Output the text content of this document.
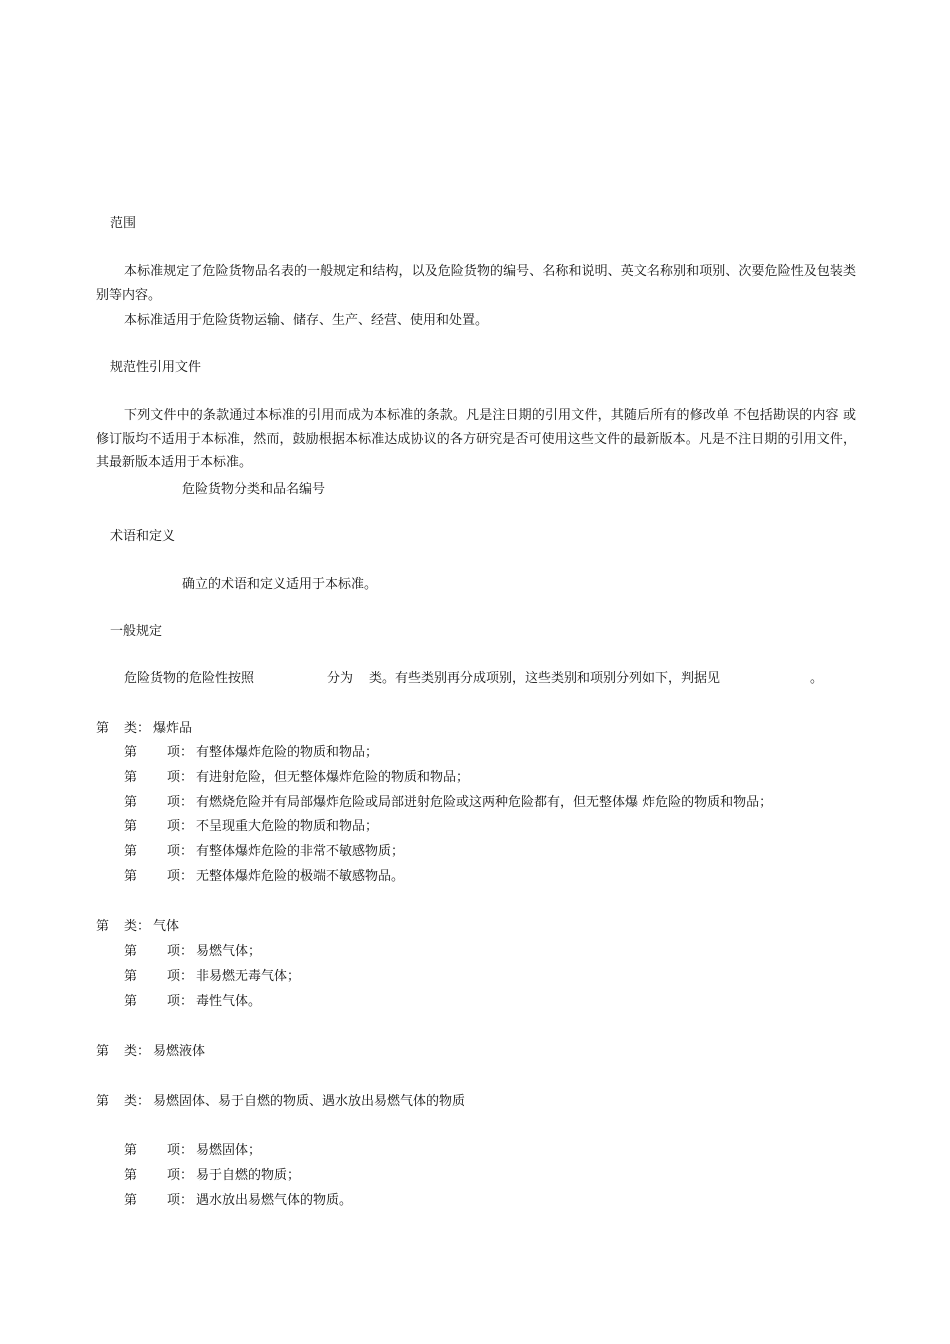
范围
本标准规定了危险货物品名表的一般规定和结构，以及危险货物的编号、名称和说明、英文名称别和项别、次要危险性及包装类别等内容。
本标准适用于危险货物运输、储存、生产、经营、使用和处置。
规范性引用文件
下列文件中的条款通过本标准的引用而成为本标准的条款。凡是注日期的引用文件，其随后所有的修改单 不包括勘误的内容 或修订版均不适用于本标准，然而，鼓励根据本标准达成协议的各方研究是否可使用这些文件的最新版本。凡是不注日期的引用文件，其最新版本适用于本标准。
危险货物分类和品名编号
术语和定义
确立的术语和定义适用于本标准。
一般规定
危险货物的危险性按照	分为 类。有些类别再分成项别，这些类别和项别分列如下，判据见	。
第 类： 爆炸品
第 项： 有整体爆炸危险的物质和物品；
第 项： 有进射危险，但无整体爆炸危险的物质和物品；
第 项： 有燃烧危险并有局部爆炸危险或局部迸射危险或这两种危险都有，但无整体爆 炸危险的物质和物品；
第 项： 不呈现重大危险的物质和物品；
第 项： 有整体爆炸危险的非常不敏感物质；
第 项： 无整体爆炸危险的极端不敏感物品。
第 类： 气体
第 项： 易燃气体；
第 项： 非易燃无毒气体；
第 项： 毒性气体。
第 类： 易燃液体
第 类： 易燃固体、易于自燃的物质、遇水放出易燃气体的物质
第 项： 易燃固体；
第 项： 易于自燃的物质；
第 项： 遇水放出易燃气体的物质。
